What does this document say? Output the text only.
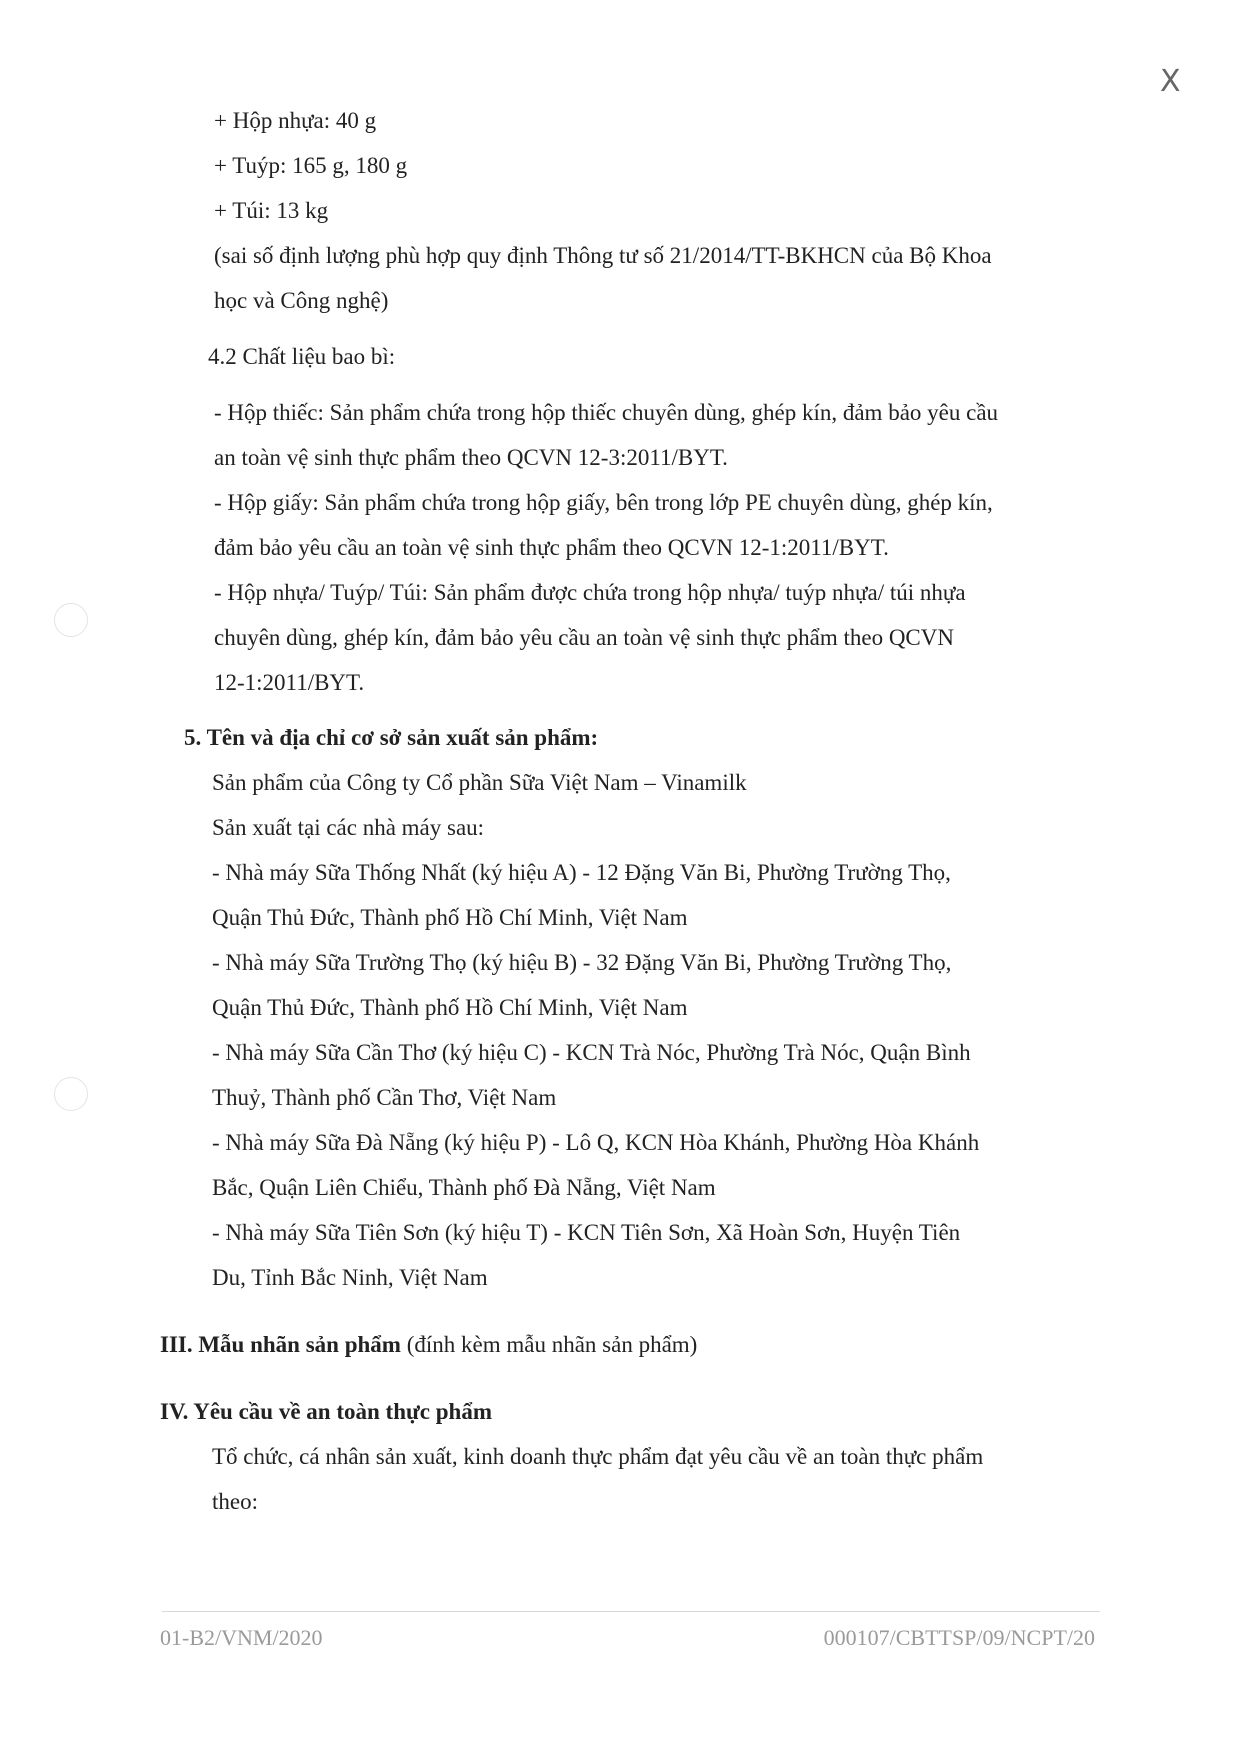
X
+ Hộp nhựa: 40 g
+ Tuýp: 165 g, 180 g
+ Túi: 13 kg
(sai số định lượng phù hợp quy định Thông tư số 21/2014/TT-BKHCN của Bộ Khoa
học và Công nghệ)
4.2 Chất liệu bao bì:
- Hộp thiếc: Sản phẩm chứa trong hộp thiếc chuyên dùng, ghép kín, đảm bảo yêu cầu
an toàn vệ sinh thực phẩm theo QCVN 12-3:2011/BYT.
- Hộp giấy: Sản phẩm chứa trong hộp giấy, bên trong lớp PE chuyên dùng, ghép kín,
đảm bảo yêu cầu an toàn vệ sinh thực phẩm theo QCVN 12-1:2011/BYT.
- Hộp nhựa/ Tuýp/ Túi: Sản phẩm được chứa trong hộp nhựa/ tuýp nhựa/ túi nhựa
chuyên dùng, ghép kín, đảm bảo yêu cầu an toàn vệ sinh thực phẩm theo QCVN
12-1:2011/BYT.
5. Tên và địa chỉ cơ sở sản xuất sản phẩm:
Sản phẩm của Công ty Cổ phần Sữa Việt Nam – Vinamilk
Sản xuất tại các nhà máy sau:
- Nhà máy Sữa Thống Nhất (ký hiệu A) - 12 Đặng Văn Bi, Phường Trường Thọ,
Quận Thủ Đức, Thành phố Hồ Chí Minh, Việt Nam
- Nhà máy Sữa Trường Thọ (ký hiệu B) - 32 Đặng Văn Bi, Phường Trường Thọ,
Quận Thủ Đức, Thành phố Hồ Chí Minh, Việt Nam
- Nhà máy Sữa Cần Thơ (ký hiệu C) - KCN Trà Nóc, Phường Trà Nóc, Quận Bình
Thuỷ, Thành phố Cần Thơ, Việt Nam
- Nhà máy Sữa Đà Nẵng (ký hiệu P) - Lô Q, KCN Hòa Khánh, Phường Hòa Khánh
Bắc, Quận Liên Chiểu, Thành phố Đà Nẵng, Việt Nam
- Nhà máy Sữa Tiên Sơn (ký hiệu T) - KCN Tiên Sơn, Xã Hoàn Sơn, Huyện Tiên
Du, Tỉnh Bắc Ninh, Việt Nam
III. Mẫu nhãn sản phẩm (đính kèm mẫu nhãn sản phẩm)
IV. Yêu cầu về an toàn thực phẩm
Tổ chức, cá nhân sản xuất, kinh doanh thực phẩm đạt yêu cầu về an toàn thực phẩm
theo:
01-B2/VNM/2020	000107/CBTTSP/09/NCPT/20
